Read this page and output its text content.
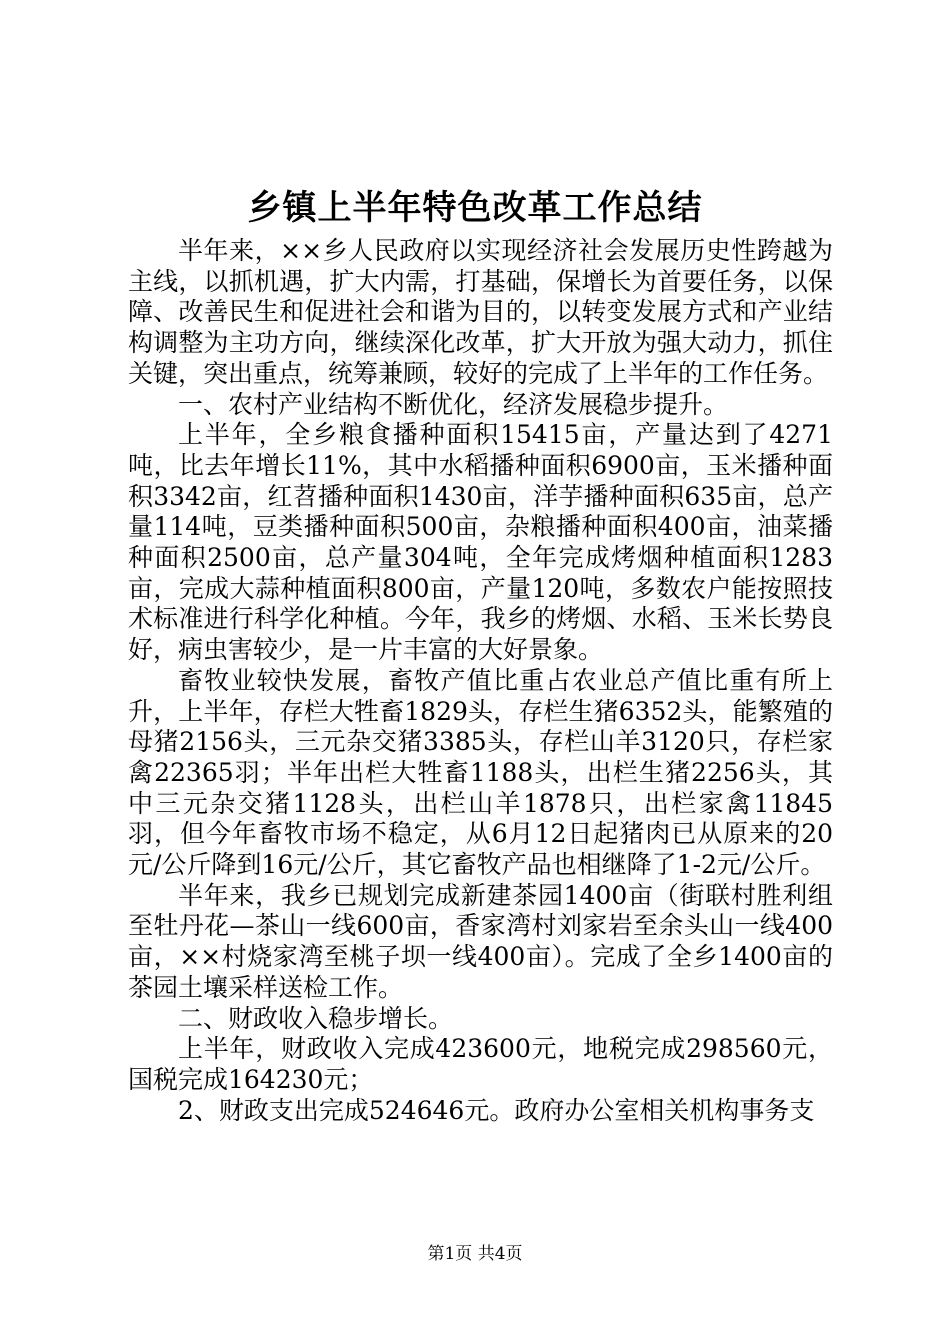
乡镇上半年特色改革工作总结

半年来，××乡人民政府以实现经济社会发展历史性跨越为主线，以抓机遇，扩大内需，打基础，保增长为首要任务，以保障、改善民生和促进社会和谐为目的，以转变发展方式和产业结构调整为主功方向，继续深化改革，扩大开放为强大动力，抓住关键，突出重点，统筹兼顾，较好的完成了上半年的工作任务。

一、农村产业结构不断优化，经济发展稳步提升。

上半年，全乡粮食播种面积15415亩，产量达到了4271吨，比去年增长11%，其中水稻播种面积6900亩，玉米播种面积3342亩，红苕播种面积1430亩，洋芋播种面积635亩，总产量114吨，豆类播种面积500亩，杂粮播种面积400亩，油菜播种面积2500亩，总产量304吨，全年完成烤烟种植面积1283亩，完成大蒜种植面积800亩，产量120吨，多数农户能按照技术标准进行科学化种植。今年，我乡的烤烟、水稻、玉米长势良好，病虫害较少，是一片丰富的大好景象。

畜牧业较快发展，畜牧产值比重占农业总产值比重有所上升，上半年，存栏大牲畜1829头，存栏生猪6352头，能繁殖的母猪2156头，三元杂交猪3385头，存栏山羊3120只，存栏家禽22365羽；半年出栏大牲畜1188头，出栏生猪2256头，其中三元杂交猪1128头，出栏山羊1878只，出栏家禽11845羽，但今年畜牧市场不稳定，从6月12日起猪肉已从原来的20元/公斤降到16元/公斤，其它畜牧产品也相继降了1-2元/公斤。

半年来，我乡已规划完成新建茶园1400亩（街联村胜利组至牡丹花—茶山一线600亩，香家湾村刘家岩至余头山一线400亩，××村烧家湾至桃子坝一线400亩）。完成了全乡1400亩的茶园土壤采样送检工作。

二、财政收入稳步增长。

上半年，财政收入完成423600元，地税完成298560元，国税完成164230元；

2、财政支出完成524646元。政府办公室相关机构事务支

第1页 共4页
